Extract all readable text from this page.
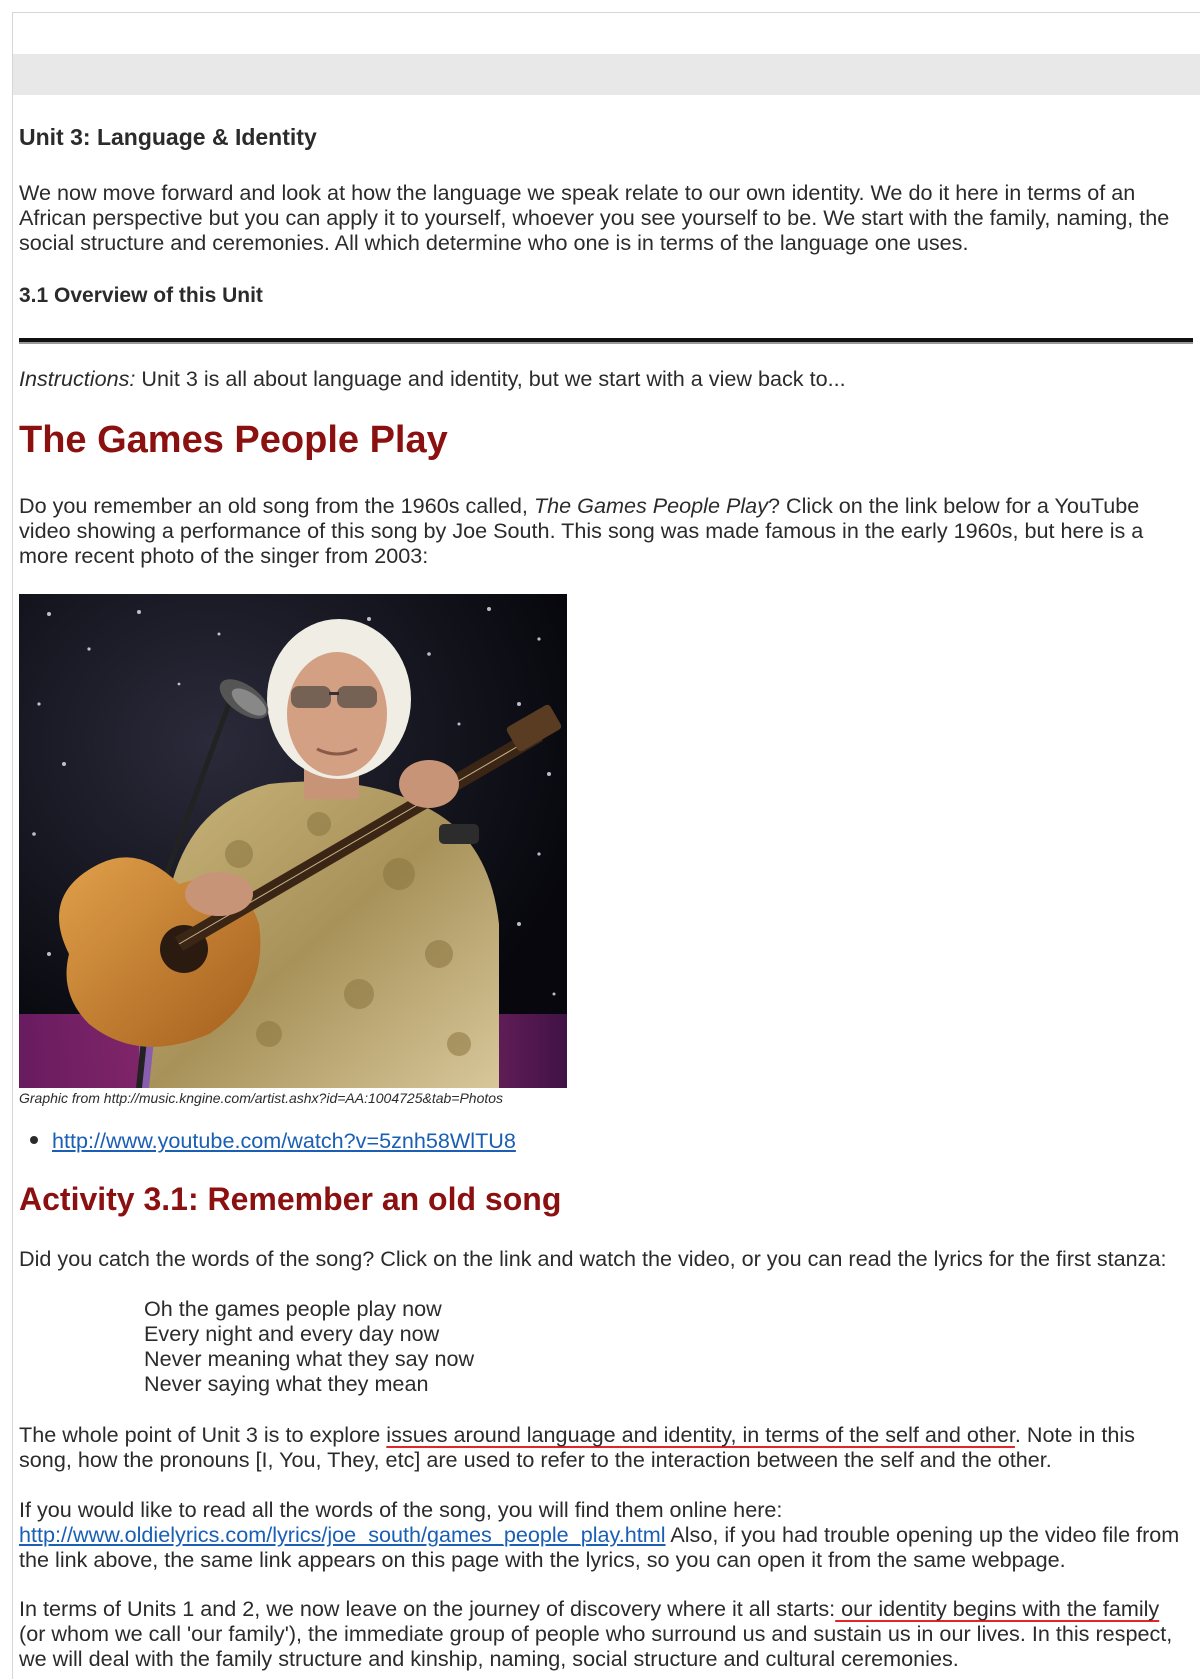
Unit 3: Language & Identity

We now move forward and look at how the language we speak relate to our own identity. We do it here in terms of an African perspective but you can apply it to yourself, whoever you see yourself to be. We start with the family, naming, the social structure and ceremonies. All which determine who one is in terms of the language one uses.

3.1 Overview of this Unit

Instructions: Unit 3 is all about language and identity, but we start with a view back to...

The Games People Play

Do you remember an old song from the 1960s called, The Games People Play? Click on the link below for a YouTube video showing a performance of this song by Joe South. This song was made famous in the early 1960s, but here is a more recent photo of the singer from 2003:

Graphic from http://music.kngine.com/artist.ashx?id=AA:1004725&tab=Photos

http://www.youtube.com/watch?v=5znh58WlTU8
Activity 3.1: Remember an old song

Did you catch the words of the song? Click on the link and watch the video, or you can read the lyrics for the first stanza:

Oh the games people play now
Every night and every day now
Never meaning what they say now
Never saying what they mean

The whole point of Unit 3 is to explore issues around language and identity, in terms of the self and other. Note in this song, how the pronouns [I, You, They, etc] are used to refer to the interaction between the self and the other.

If you would like to read all the words of the song, you will find them online here: http://www.oldielyrics.com/lyrics/joe_south/games_people_play.html Also, if you had trouble opening up the video file from the link above, the same link appears on this page with the lyrics, so you can open it from the same webpage.

In terms of Units 1 and 2, we now leave on the journey of discovery where it all starts: our identity begins with the family (or whom we call 'our family'), the immediate group of people who surround us and sustain us in our lives. In this respect, we will deal with the family structure and kinship, naming, social structure and cultural ceremonies.
